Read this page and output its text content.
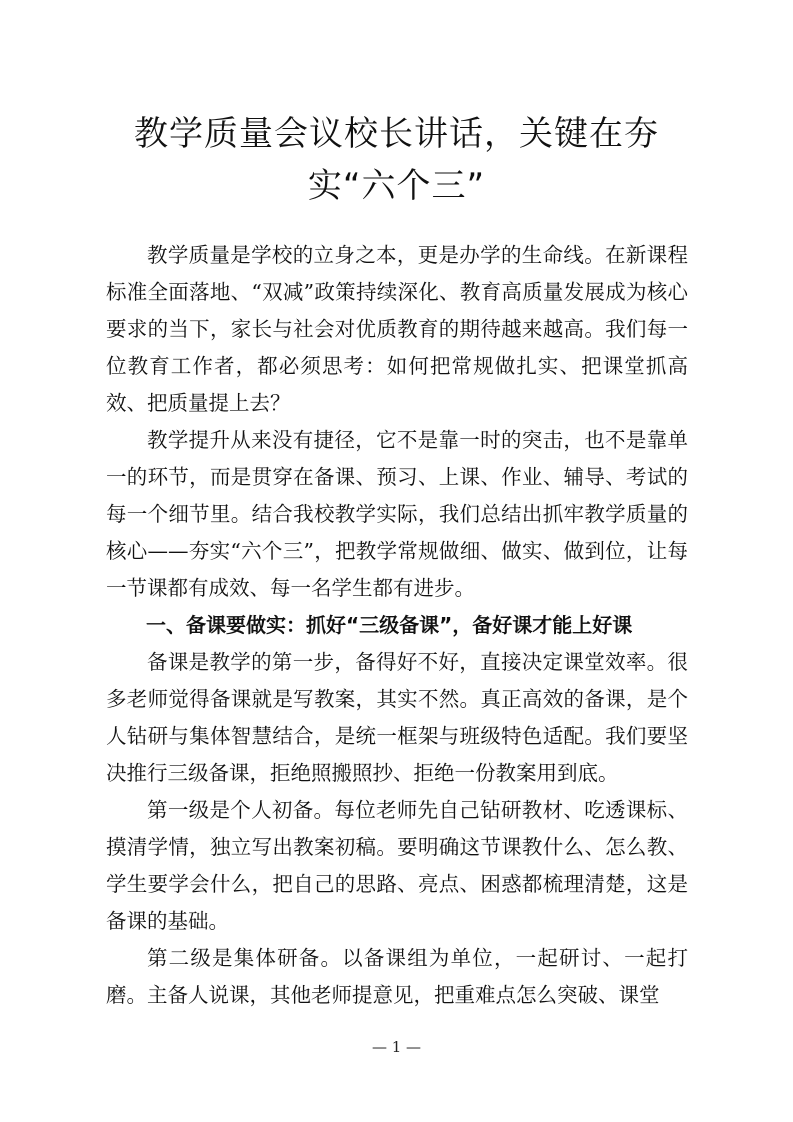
教学质量会议校长讲话，关键在夯实“六个三”

教学质量是学校的立身之本，更是办学的生命线。在新课程标准全面落地、“双减”政策持续深化、教育高质量发展成为核心要求的当下，家长与社会对优质教育的期待越来越高。我们每一位教育工作者，都必须思考：如何把常规做扎实、把课堂抓高效、把质量提上去？

教学提升从来没有捷径，它不是靠一时的突击，也不是靠单一的环节，而是贯穿在备课、预习、上课、作业、辅导、考试的每一个细节里。结合我校教学实际，我们总结出抓牢教学质量的核心——夯实“六个三”，把教学常规做细、做实、做到位，让每一节课都有成效、每一名学生都有进步。

一、备课要做实：抓好“三级备课”，备好课才能上好课

备课是教学的第一步，备得好不好，直接决定课堂效率。很多老师觉得备课就是写教案，其实不然。真正高效的备课，是个人钻研与集体智慧结合，是统一框架与班级特色适配。我们要坚决推行三级备课，拒绝照搬照抄、拒绝一份教案用到底。

第一级是个人初备。每位老师先自己钻研教材、吃透课标、摸清学情，独立写出教案初稿。要明确这节课教什么、怎么教、学生要学会什么，把自己的思路、亮点、困惑都梳理清楚，这是备课的基础。

第二级是集体研备。以备课组为单位，一起研讨、一起打磨。主备人说课，其他老师提意见，把重难点怎么突破、课堂

— 1 —
